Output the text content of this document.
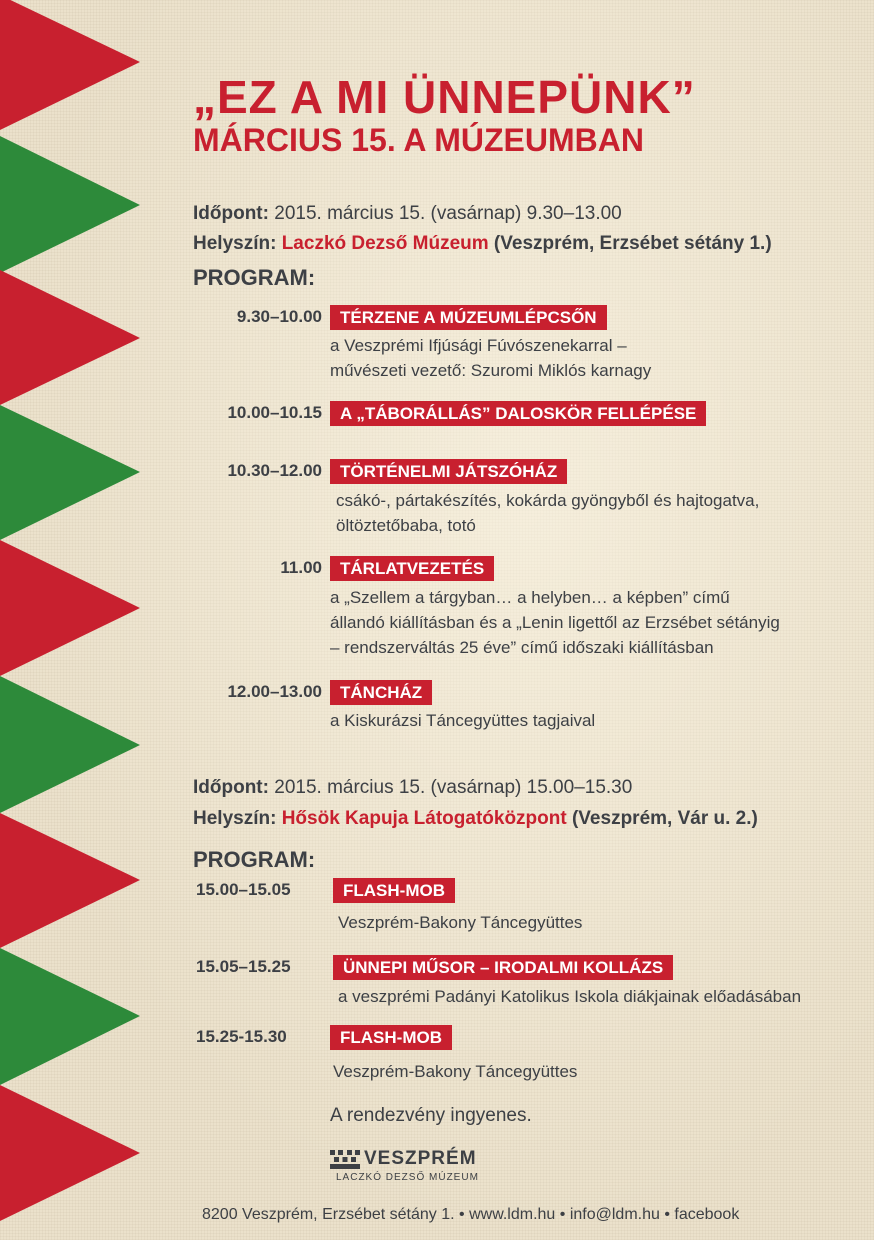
„EZ A MI ÜNNEPÜNK”
MÁRCIUS 15. A MÚZEUMBAN
Időpont: 2015. március 15. (vasárnap) 9.30–13.00
Helyszín: Laczkó Dezső Múzeum (Veszprém, Erzsébet sétány 1.)
PROGRAM:
9.30–10.00	TÉRZENE A MÚZEUMLÉPCSŐN
a Veszprémi Ifjúsági Fúvószenekarral –
művészeti vezető: Szuromi Miklós karnagy
10.00–10.15	A „TÁBORÁLLÁS” DALOSKÖR FELLÉPÉSE
10.30–12.00	TÖRTÉNELMI JÁTSZÓHÁZ
csákó-, pártakészítés, kokárda gyöngyből és hajtogatva,
öltöztetőbaba, totó
11.00	TÁRLATVEZETÉS
a „Szellem a tárgyban… a helyben… a képben” című
állandó kiállításban és a „Lenin ligettől az Erzsébet sétányig
– rendszerváltás 25 éve” című időszaki kiállításban
12.00–13.00	TÁNCHÁZ
a Kiskurázsi Táncegyüttes tagjaival
Időpont: 2015. március 15. (vasárnap) 15.00–15.30
Helyszín: Hősök Kapuja Látogatóközpont (Veszprém, Vár u. 2.)
PROGRAM:
15.00–15.05	FLASH-MOB
Veszprém-Bakony Táncegyüttes
15.05–15.25	ÜNNEPI MŰSOR – IRODALMI KOLLÁZS
a veszprémi Padányi Katolikus Iskola diákjainak előadásában
15.25-15.30	FLASH-MOB
Veszprém-Bakony Táncegyüttes
A rendezvény ingyenes.
VESZPRÉM
LACZKÓ DEZSŐ MÚZEUM
8200 Veszprém, Erzsébet sétány 1. • www.ldm.hu • info@ldm.hu • facebook
